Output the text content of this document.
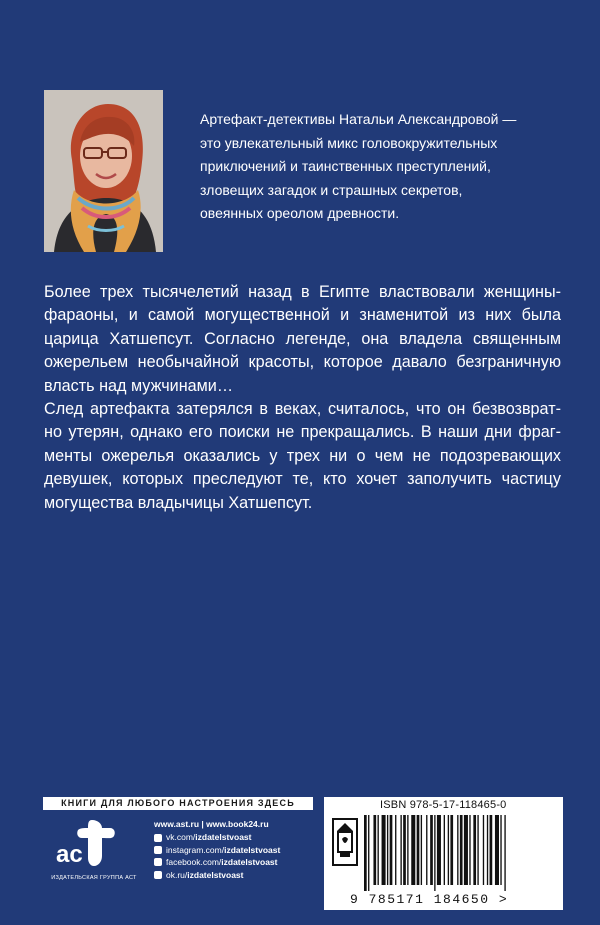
Артефакт-детективы Натальи Александровой —
это увлекательный микс головокружительных
приключений и таинственных преступлений,
зловещих загадок и страшных секретов,
овеянных ореолом древности.
Более трех тысячелетий назад в Египте властвовали женщины-
фараоны, и самой могущественной и знаменитой из них была
царица Хатшепсут. Согласно легенде, она владела священным
ожерельем необычайной красоты, которое давало безграничную
власть над мужчинами…
След артефакта затерялся в веках, считалось, что он безвозврат-
но утерян, однако его поиски не прекращались. В наши дни фраг-
менты ожерелья оказались у трех ни о чем не подозревающих
девушек, которых преследуют те, кто хочет заполучить частицу
могущества владычицы Хатшепсут.
КНИГИ ДЛЯ ЛЮБОГО НАСТРОЕНИЯ ЗДЕСЬ
ac
ИЗДАТЕЛЬСКАЯ ГРУППА АСТ
www.ast.ru | www.book24.ru
vk.com/ izdatelstvoast
instagram.com/ izdatelstvoast
facebook.com/ izdatelstvoast
ok.ru/ izdatelstvoast
ISBN 978-5-17-118465-0
9 785171 184650 >
